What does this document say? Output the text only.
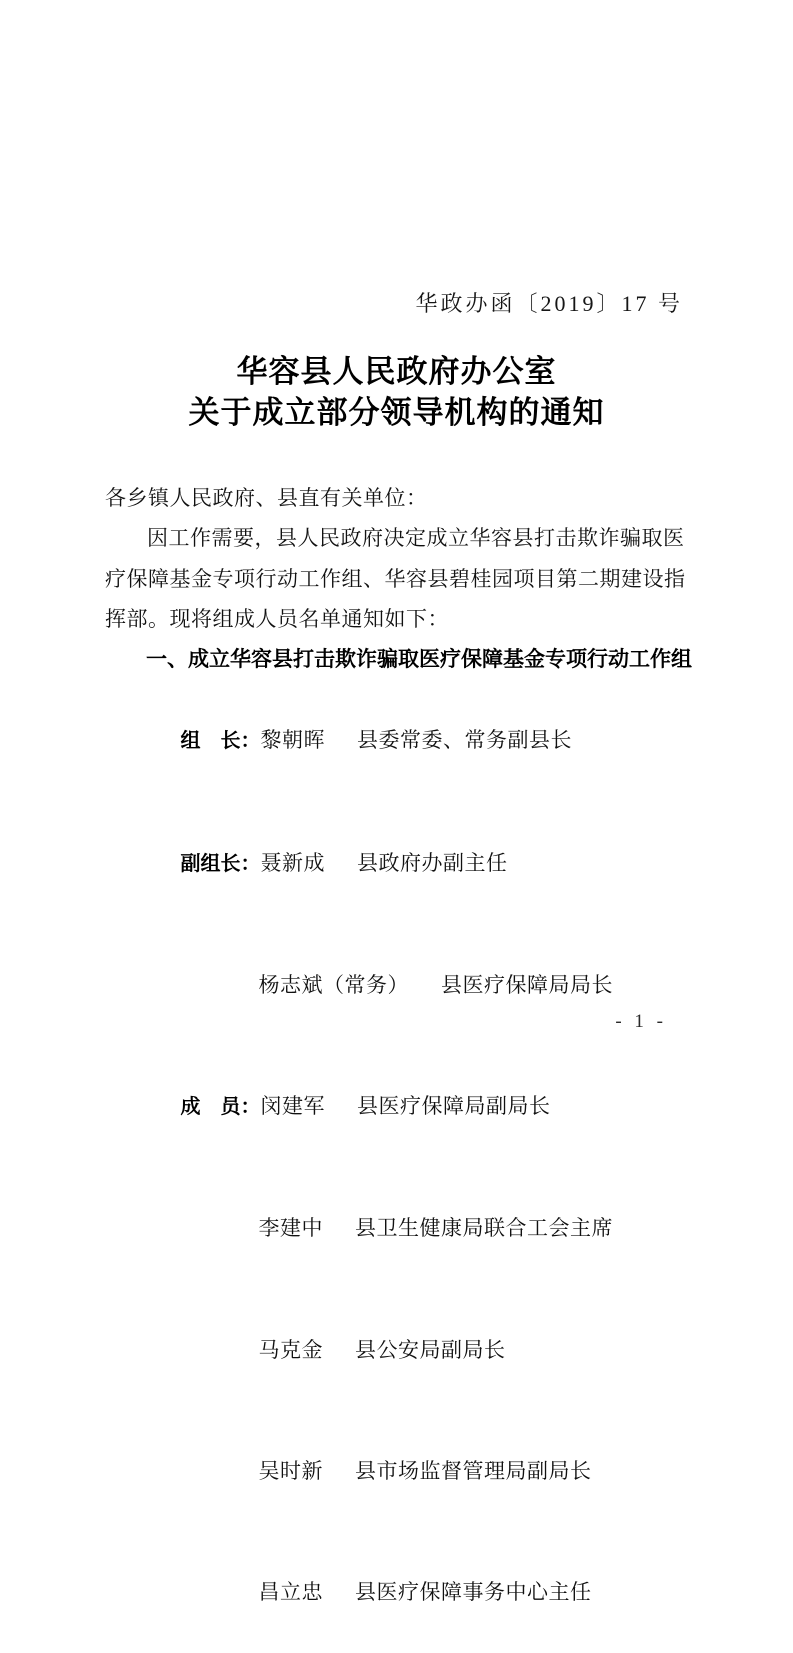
华政办函〔2019〕17 号
华容县人民政府办公室
关于成立部分领导机构的通知
各乡镇人民政府、县直有关单位：
因工作需要，县人民政府决定成立华容县打击欺诈骗取医
疗保障基金专项行动工作组、华容县碧桂园项目第二期建设指
挥部。现将组成人员名单通知如下：
一、成立华容县打击欺诈骗取医疗保障基金专项行动工作组

组　长：黎朝晖 县委常委、常务副县长

副组长：聂新成 县政府办副主任

杨志斌（常务） 县医疗保障局局长

成　员：闵建军 县医疗保障局副局长

李建中 县卫生健康局联合工会主席

马克金 县公安局副局长

吴时新 县市场监督管理局副局长

昌立忠 县医疗保障事务中心主任

- 1 -
